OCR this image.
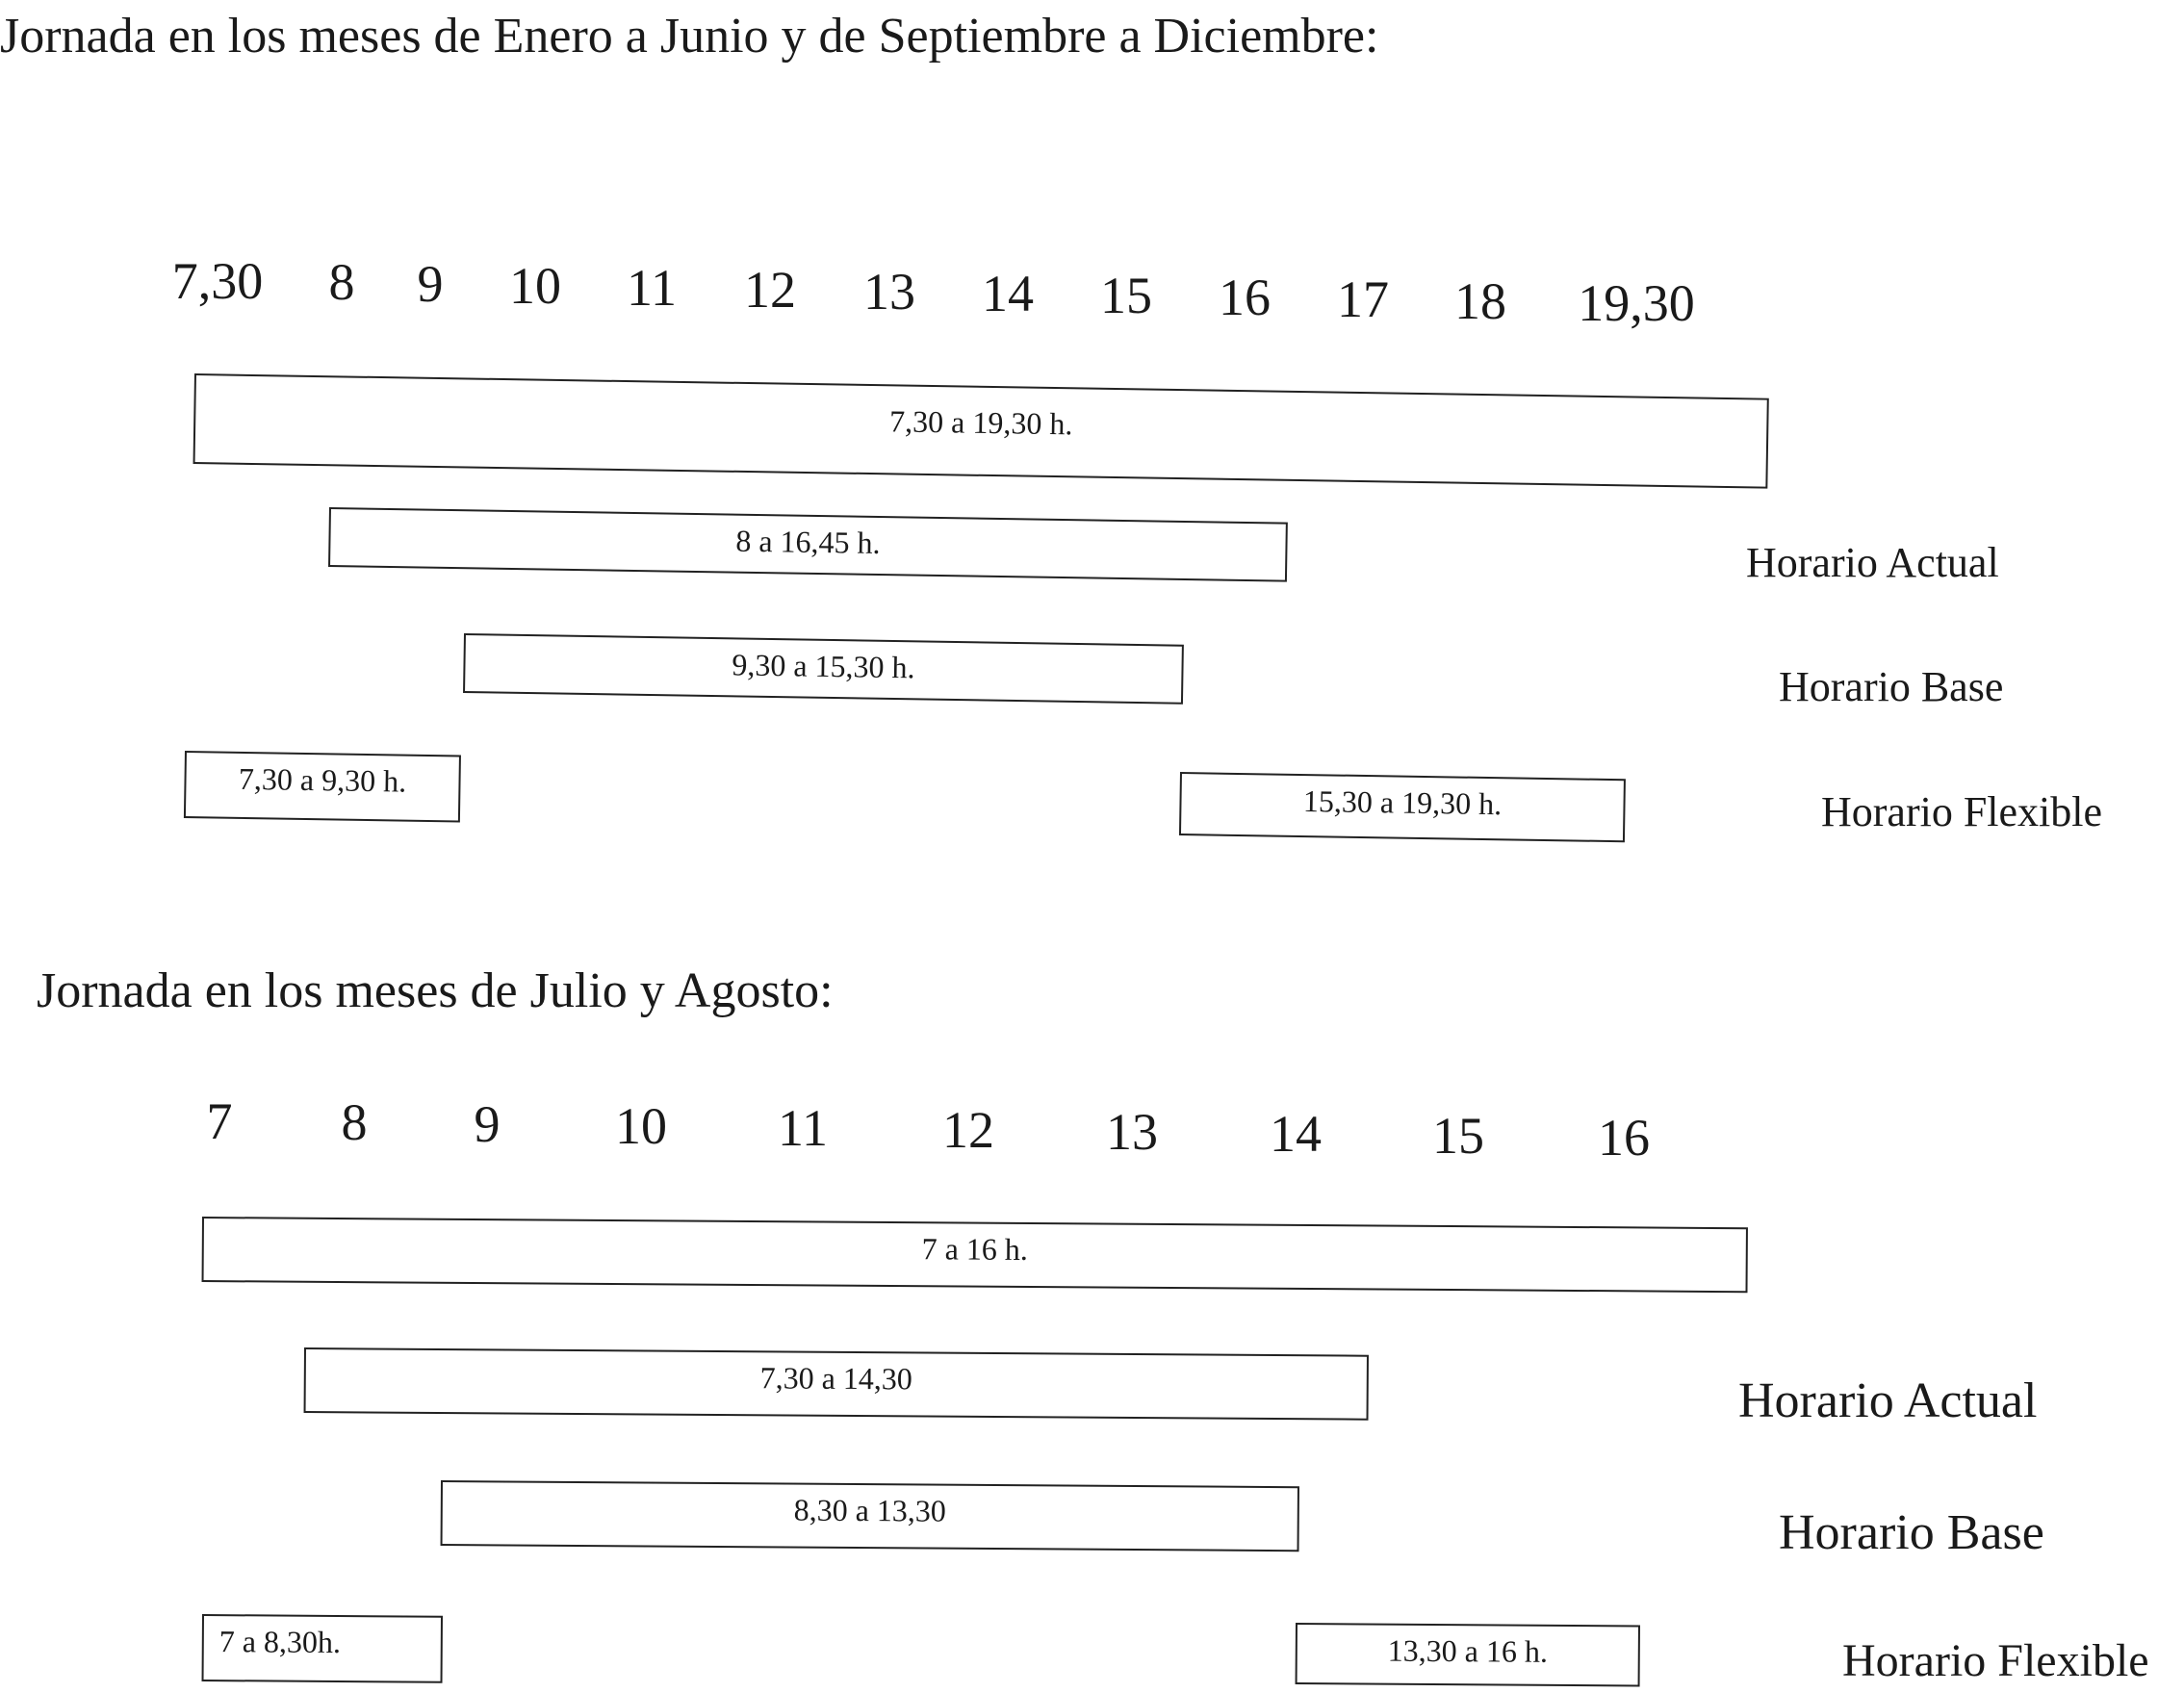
Jornada en los meses de Enero a Junio y de Septiembre a Diciembre:
7,30 8 9 10 11 12 13 14 15 16 17 18 19,30
7,30 a 19,30 h.
8 a 16,45 h.	Horario Actual
9,30 a 15,30 h.	Horario Base
7,30 a 9,30 h.
15,30 a 19,30 h.	Horario Flexible
Jornada en los meses de Julio y Agosto:
7 8 9 10 11 12 13 14 15 16
7 a 16 h.
7,30 a 14,30	Horario Actual
8,30 a 13,30	Horario Base
7 a 8,30h.	13,30 a 16 h.	Horario Flexible
